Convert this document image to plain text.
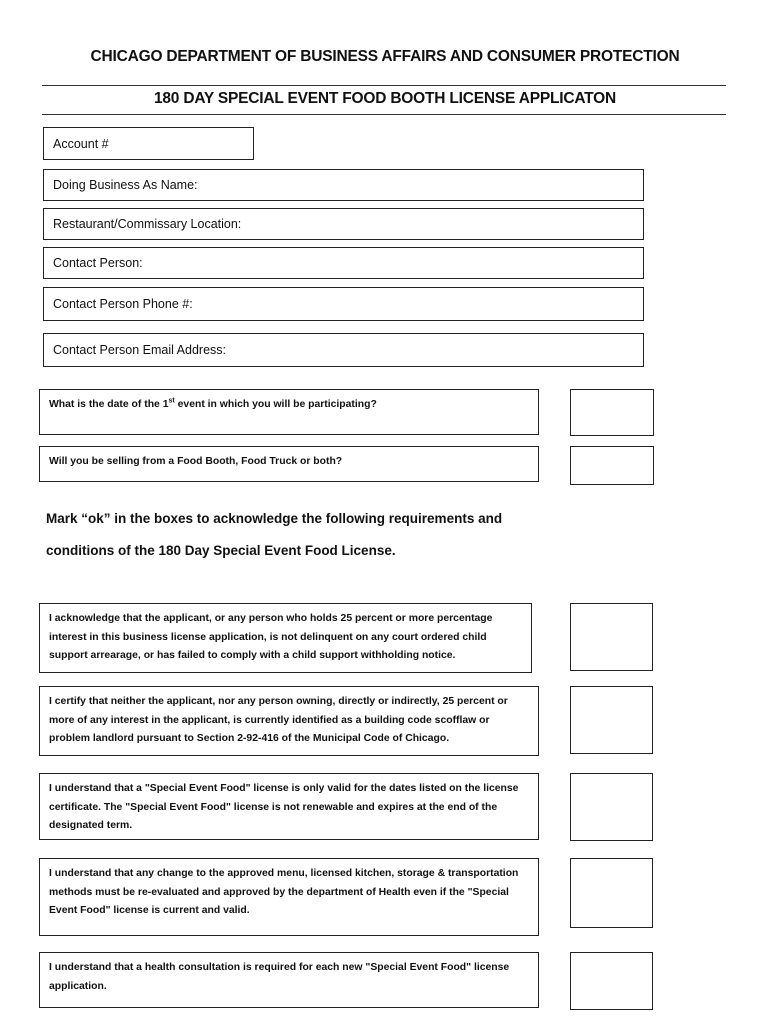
CHICAGO DEPARTMENT OF BUSINESS AFFAIRS AND CONSUMER PROTECTION
180 DAY SPECIAL EVENT FOOD BOOTH LICENSE APPLICATON
Account #
Doing Business As Name:
Restaurant/Commissary Location:
Contact Person:
Contact Person Phone #:
Contact Person Email Address:
What is the date of the 1st event in which you will be participating?
Will you be selling from a Food Booth, Food Truck or both?
Mark “ok” in the boxes to acknowledge the following requirements and
conditions of the 180 Day Special Event Food License.
I acknowledge that the applicant, or any person who holds 25 percent or more percentage interest in this business license application, is not delinquent on any court ordered child support arrearage, or has failed to comply with a child support withholding notice.
I certify that neither the applicant, nor any person owning, directly or indirectly, 25 percent or more of any interest in the applicant, is currently identified as a building code scofflaw or problem landlord pursuant to Section 2-92-416 of the Municipal Code of Chicago.
I understand that a "Special Event Food" license is only valid for the dates listed on the license certificate. The "Special Event Food" license is not renewable and expires at the end of the designated term.
I understand that any change to the approved menu, licensed kitchen, storage & transportation methods must be re-evaluated and approved by the department of Health even if the "Special Event Food" license is current and valid.
I understand that a health consultation is required for each new "Special Event Food" license application.
